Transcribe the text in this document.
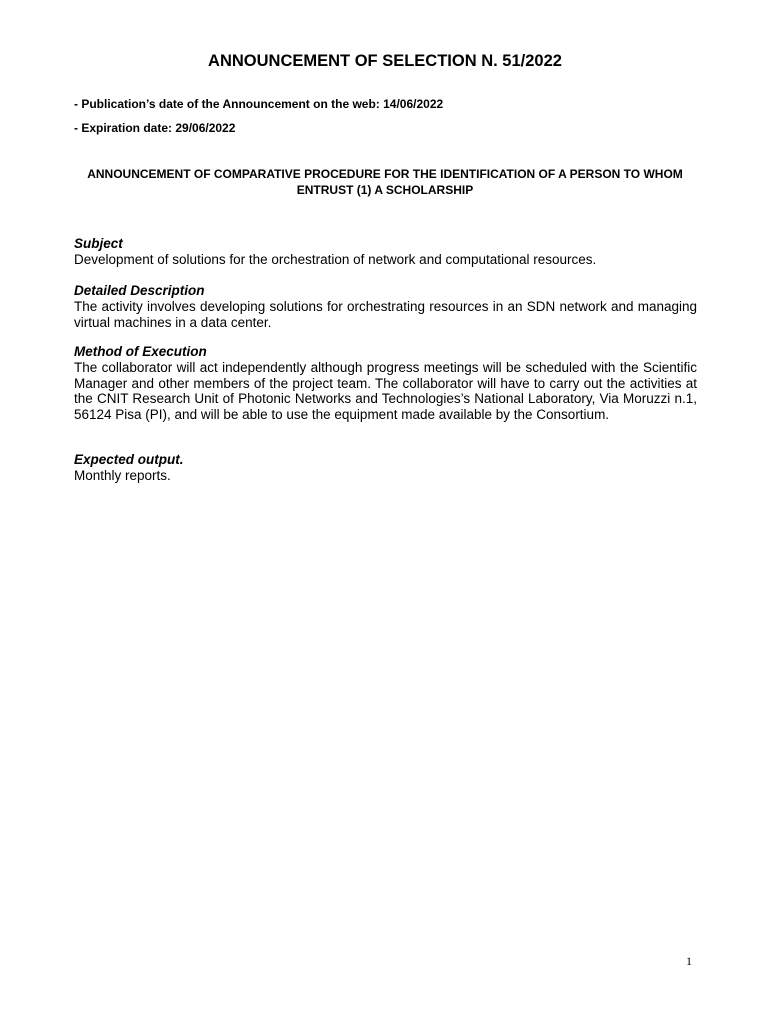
ANNOUNCEMENT OF SELECTION N. 51/2022
- Publication’s date of the Announcement on the web: 14/06/2022
- Expiration date: 29/06/2022
ANNOUNCEMENT OF COMPARATIVE PROCEDURE FOR THE IDENTIFICATION OF A PERSON TO WHOM ENTRUST (1) A SCHOLARSHIP
Subject
Development of solutions for the orchestration of network and computational resources.
Detailed Description
The activity involves developing solutions for orchestrating resources in an SDN network and managing virtual machines in a data center.
Method of Execution
The collaborator will act independently although progress meetings will be scheduled with the Scientific Manager and other members of the project team. The collaborator will have to carry out the activities at the CNIT Research Unit of Photonic Networks and Technologies’s National Laboratory, Via Moruzzi n.1, 56124 Pisa (PI), and will be able to use the equipment made available by the Consortium.
Expected output.
Monthly reports.
1
